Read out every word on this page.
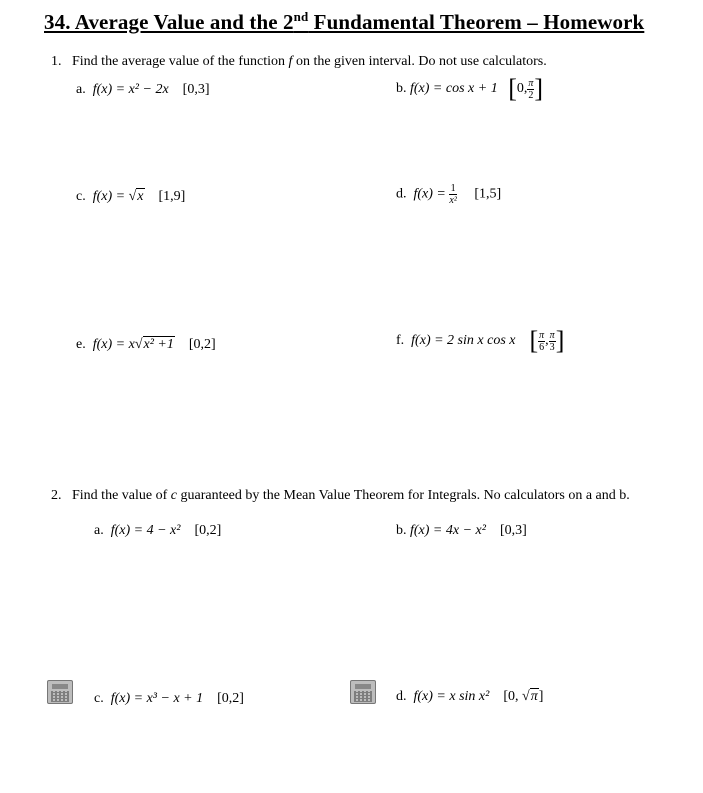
34. Average Value and the 2nd Fundamental Theorem – Homework
1. Find the average value of the function f on the given interval. Do not use calculators.
a. f(x) = x² − 2x [0,3]	b. f(x) = cos x + 1 [0, $\frac{\pi}{2}$ ]
c. f(x) = √x [1,9]	d. $f(x) = \frac{1}{\text{x²}} [1,5]$
e. f(x) = x√x² +1 [0,2]	f. f(x) = 2 sin x cos x [ $\frac{\pi}{6}$ , $\frac{\pi}{3}$ ]
2. Find the value of c guaranteed by the Mean Value Theorem for Integrals. No calculators on a and b.
a. f(x) = 4 − x² [0,2]	b. f(x) = 4x − x² [0,3]
c. f(x) = x³ − x + 1 [0,2]	d. f(x) = x sin x² [0, √π]
